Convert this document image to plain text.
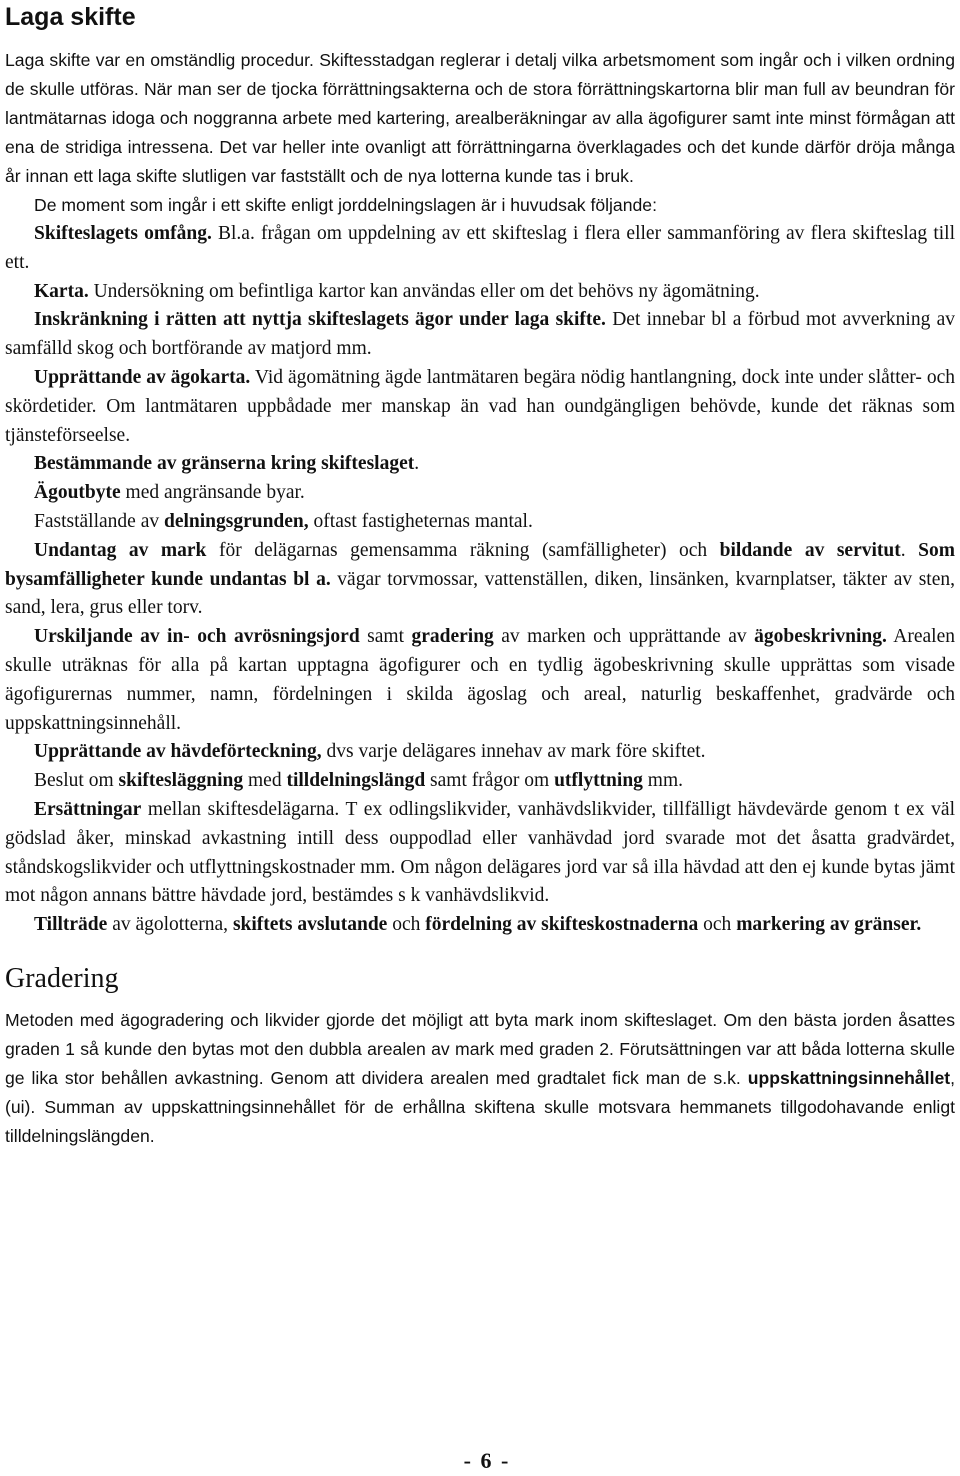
Laga skifte

Laga skifte var en omständlig procedur. Skiftesstadgan reglerar i detalj vilka arbetsmoment som ingår och i vilken ordning de skulle utföras. När man ser de tjocka förrättningsakterna och de stora förrättningskartorna blir man full av beundran för lantmätarnas idoga och noggranna arbete med kartering, arealberäkningar av alla ägofigurer samt inte minst förmågan att ena de stridiga intressena. Det var heller inte ovanligt att förrättningarna överklagades och det kunde därför dröja många år innan ett laga skifte slutligen var fastställt och de nya lotterna kunde tas i bruk.

De moment som ingår i ett skifte enligt jorddelningslagen är i huvudsak följande:

Skifteslagets omfång. Bl.a. frågan om uppdelning av ett skifteslag i flera eller sammanföring av flera skifteslag till ett.

Karta. Undersökning om befintliga kartor kan användas eller om det behövs ny ägomätning.

Inskränkning i rätten att nyttja skifteslagets ägor under laga skifte. Det innebar bl a förbud mot avverkning av samfälld skog och bortförande av matjord mm.

Upprättande av ägokarta. Vid ägomätning ägde lantmätaren begära nödig hantlangning, dock inte under slåtter- och skördetider. Om lantmätaren uppbådade mer manskap än vad han oundgängligen behövde, kunde det räknas som tjänsteförseelse.

Bestämmande av gränserna kring skifteslaget.

Ägoutbyte med angränsande byar.

Fastställande av delningsgrunden, oftast fastigheternas mantal.

Undantag av mark för delägarnas gemensamma räkning (samfälligheter) och bildande av servitut. Som bysamfälligheter kunde undantas bl a. vägar torvmossar, vattenställen, diken, linsänken, kvarnplatser, täkter av sten, sand, lera, grus eller torv.

Urskiljande av in- och avrösningsjord samt gradering av marken och upprättande av ägobeskrivning. Arealen skulle uträknas för alla på kartan upptagna ägofigurer och en tydlig ägobeskrivning skulle upprättas som visade ägofigurernas nummer, namn, fördelningen i skilda ägoslag och areal, naturlig beskaffenhet, gradvärde och uppskattningsinnehåll.

Upprättande av hävdeförteckning, dvs varje delägares innehav av mark före skiftet.

Beslut om skiftesläggning med tilldelningslängd samt frågor om utflyttning mm.

Ersättningar mellan skiftesdelägarna. T ex odlingslikvider, vanhävdslikvider, tillfälligt hävdevärde genom t ex väl gödslad åker, minskad avkastning intill dess ouppodlad eller vanhävdad jord svarade mot det åsatta gradvärdet, ståndskogslikvider och utflyttningskostnader mm. Om någon delägares jord var så illa hävdad att den ej kunde bytas jämt mot någon annans bättre hävdade jord, bestämdes s k vanhävdslikvid.

Tillträde av ägolotterna, skiftets avslutande och fördelning av skifteskostnaderna och markering av gränser.

Gradering

Metoden med ägogradering och likvider gjorde det möjligt att byta mark inom skifteslaget. Om den bästa jorden åsattes graden 1 så kunde den bytas mot den dubbla arealen av mark med graden 2. Förutsättningen var att båda lotterna skulle ge lika stor behållen avkastning. Genom att dividera arealen med gradtalet fick man de s.k. uppskattningsinnehållet, (ui). Summan av uppskattningsinnehållet för de erhållna skiftena skulle motsvara hemmanets tillgodohavande enligt tilldelningslängden.

- 6 -
